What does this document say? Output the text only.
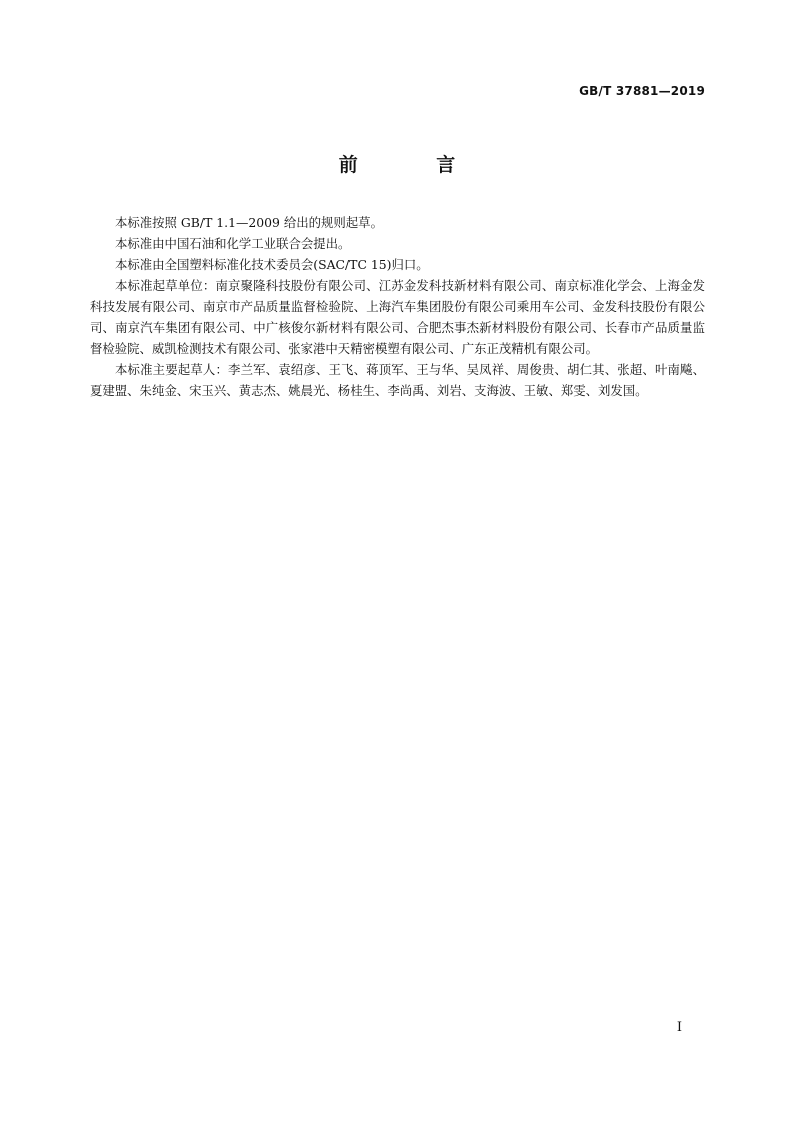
GB/T 37881—2019
前 言

本标准按照 GB/T 1.1—2009 给出的规则起草。

本标准由中国石油和化学工业联合会提出。

本标准由全国塑料标准化技术委员会(SAC/TC 15)归口。

本标准起草单位：南京聚隆科技股份有限公司、江苏金发科技新材料有限公司、南京标准化学会、上海金发科技发展有限公司、南京市产品质量监督检验院、上海汽车集团股份有限公司乘用车公司、金发科技股份有限公司、南京汽车集团有限公司、中广核俊尔新材料有限公司、合肥杰事杰新材料股份有限公司、长春市产品质量监督检验院、威凯检测技术有限公司、张家港中天精密模塑有限公司、广东正茂精机有限公司。

本标准主要起草人：李兰军、袁绍彦、王飞、蒋顶军、王与华、吴凤祥、周俊贵、胡仁其、张超、叶南飚、夏建盟、朱纯金、宋玉兴、黄志杰、姚晨光、杨桂生、李尚禹、刘岩、支海波、王敏、郑雯、刘发国。

I
